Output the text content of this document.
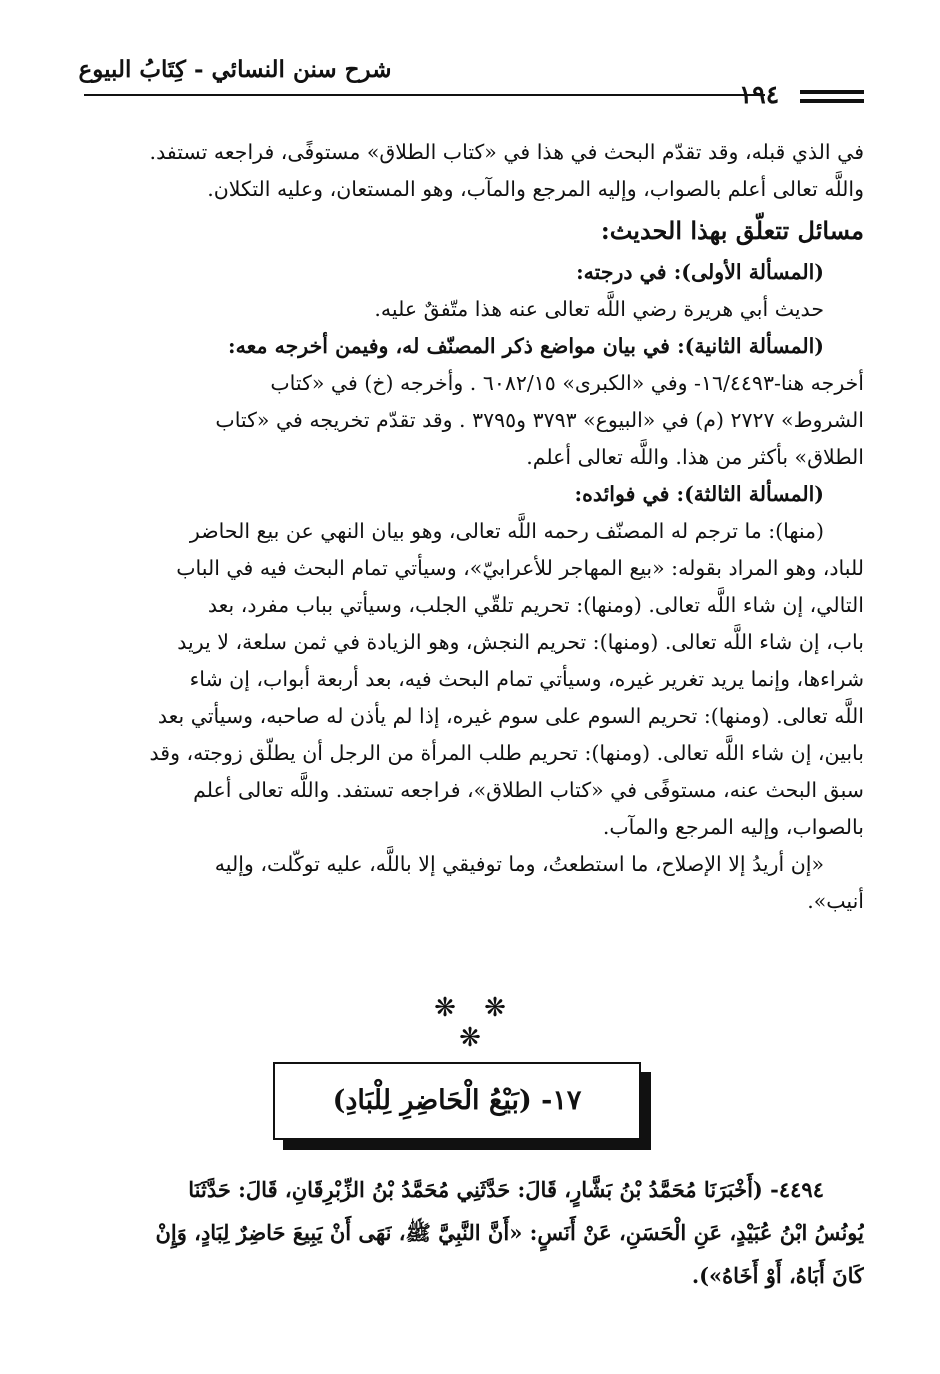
شرح سنن النسائي - كِتَابُ البيوع
١٩٤
في الذي قبله، وقد تقدّم البحث في هذا في «كتاب الطلاق» مستوفًى، فراجعه تستفد.
واللَّه تعالى أعلم بالصواب، وإليه المرجع والمآب، وهو المستعان، وعليه التكلان.
مسائل تتعلّق بهذا الحديث:
(المسألة الأولى): في درجته:
حديث أبي هريرة رضي اللَّه تعالى عنه هذا متّفقٌ عليه.
(المسألة الثانية): في بيان مواضع ذكر المصنّف له، وفيمن أخرجه معه:
أخرجه هنا-١٦/٤٤٩٣- وفي «الكبرى» ٦٠٨٢/١٥ . وأخرجه (خ) في «كتاب
الشروط» ٢٧٢٧ (م) في «البيوع» ٣٧٩٣ و٣٧٩٥ . وقد تقدّم تخريجه في «كتاب
الطلاق» بأكثر من هذا. واللَّه تعالى أعلم.
(المسألة الثالثة): في فوائده:
(منها): ما ترجم له المصنّف رحمه اللَّه تعالى، وهو بيان النهي عن بيع الحاضر
للباد، وهو المراد بقوله: «بيع المهاجر للأعرابيّ»، وسيأتي تمام البحث فيه في الباب
التالي، إن شاء اللَّه تعالى. (ومنها): تحريم تلقّي الجلب، وسيأتي بباب مفرد، بعد
باب، إن شاء اللَّه تعالى. (ومنها): تحريم النجش، وهو الزيادة في ثمن سلعة، لا يريد
شراءها، وإنما يريد تغرير غيره، وسيأتي تمام البحث فيه، بعد أربعة أبواب، إن شاء
اللَّه تعالى. (ومنها): تحريم السوم على سوم غيره، إذا لم يأذن له صاحبه، وسيأتي بعد
بابين، إن شاء اللَّه تعالى. (ومنها): تحريم طلب المرأة من الرجل أن يطلّق زوجته، وقد
سبق البحث عنه، مستوفًى في «كتاب الطلاق»، فراجعه تستفد. واللَّه تعالى أعلم
بالصواب، وإليه المرجع والمآب.
«إن أريدُ إلا الإصلاح، ما استطعتُ، وما توفيقي إلا باللَّه، عليه توكّلت، وإليه
أنيب».
❋ ❋ ❋
١٧- (بَيْعُ الْحَاضِرِ لِلْبَادِ)
٤٤٩٤- (أَخْبَرَنَا مُحَمَّدُ بْنُ بَشَّارٍ، قَالَ: حَدَّثَنِي مُحَمَّدُ بْنُ الزِّبْرِقَانِ، قَالَ: حَدَّثَنَا
يُونُسُ ابْنُ عُبَيْدٍ، عَنِ الْحَسَنِ، عَنْ أَنَسٍ: «أَنَّ النَّبِيَّ ﷺ، نَهَى أَنْ يَبِيعَ حَاضِرٌ لِبَادٍ، وَإِنْ
كَانَ أَبَاهُ، أَوْ أَخَاهُ»).
